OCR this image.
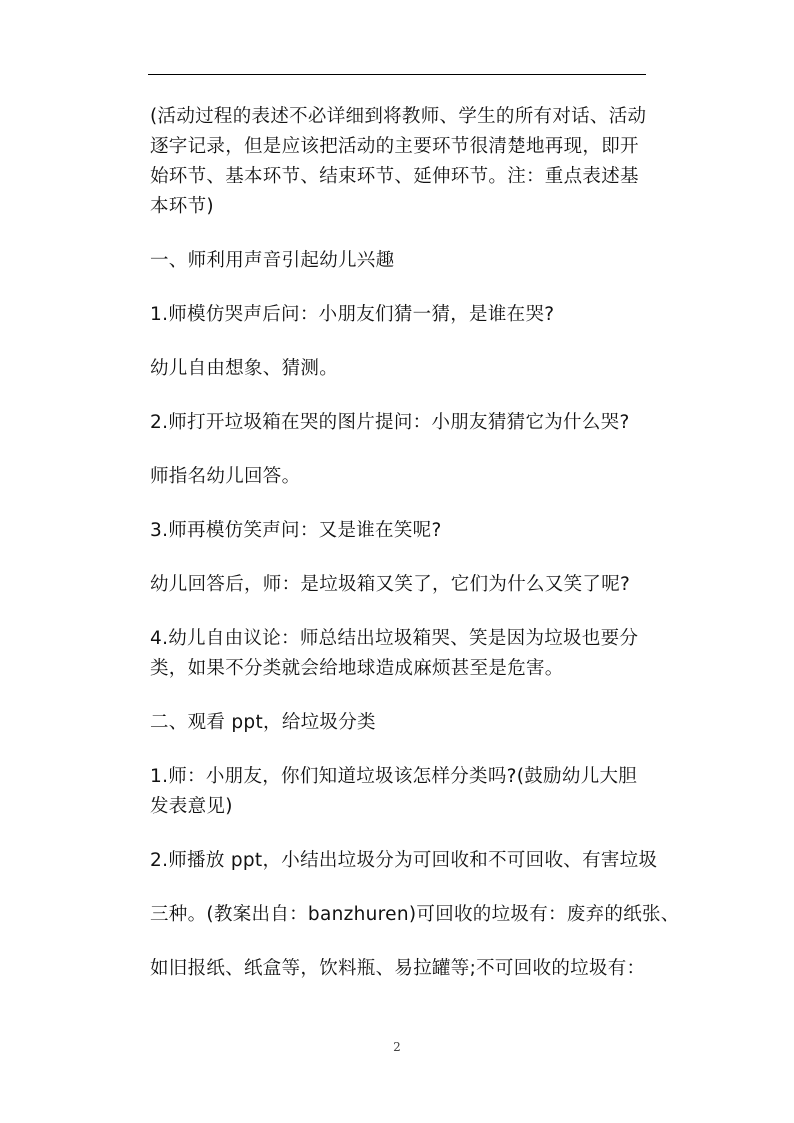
(活动过程的表述不必详细到将教师、学生的所有对话、活动
逐字记录，但是应该把活动的主要环节很清楚地再现，即开
始环节、基本环节、结束环节、延伸环节。注：重点表述基
本环节)
一、师利用声音引起幼儿兴趣
1.师模仿哭声后问：小朋友们猜一猜，是谁在哭?
幼儿自由想象、猜测。
2.师打开垃圾箱在哭的图片提问：小朋友猜猜它为什么哭?
师指名幼儿回答。
3.师再模仿笑声问：又是谁在笑呢?
幼儿回答后，师：是垃圾箱又笑了，它们为什么又笑了呢?
4.幼儿自由议论：师总结出垃圾箱哭、笑是因为垃圾也要分
类，如果不分类就会给地球造成麻烦甚至是危害。
二、观看 ppt，给垃圾分类
1.师：小朋友，你们知道垃圾该怎样分类吗?(鼓励幼儿大胆
发表意见)
2.师播放 ppt，小结出垃圾分为可回收和不可回收、有害垃圾
三种。(教案出自：banzhuren)可回收的垃圾有：废弃的纸张、
如旧报纸、纸盒等，饮料瓶、易拉罐等;不可回收的垃圾有：
2
